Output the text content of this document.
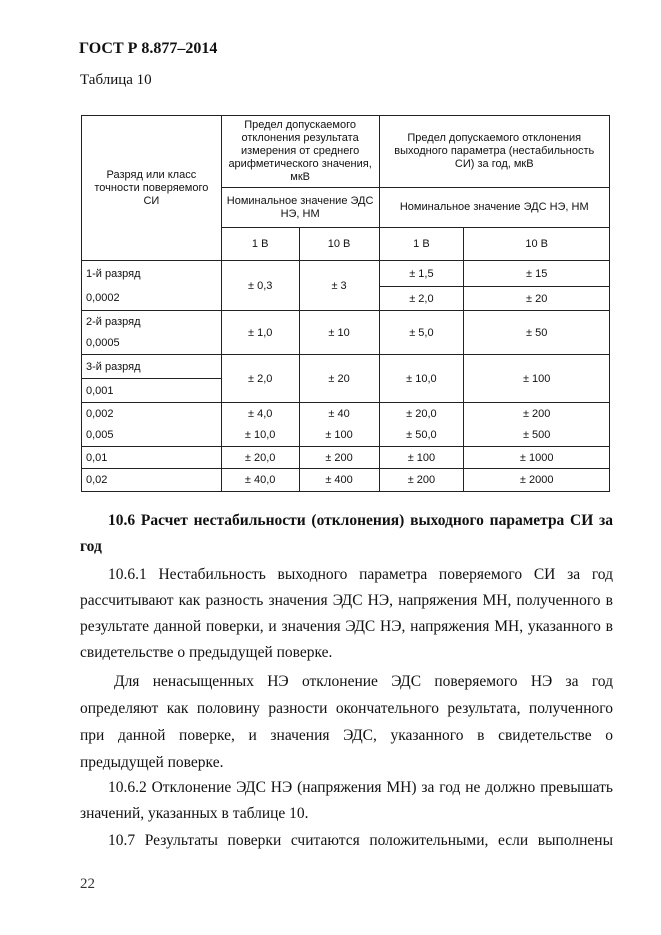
ГОСТ Р 8.877–2014
Таблица 10
Разряд или класс точности поверяемого СИ	Предел допускаемого отклонения результата измерения от среднего арифметического значения, мкВ		Предел допускаемого отклонения выходного параметра (нестабильность СИ) за год, мкВ	
	Номинальное значение ЭДС НЭ, НМ		Номинальное значение ЭДС НЭ, НМ	
	1 В	10 В	1 В	10 В
1-й разряд	± 0,3	± 3	± 1,5	± 15
0,0002			± 2,0	± 20
2-й разряд	± 1,0	± 10	± 5,0	± 50
0,0005				
3-й разряд	± 2,0	± 20	± 10,0	± 100
0,001				
0,002	± 4,0	± 40	± 20,0	± 200
0,005	± 10,0	± 100	± 50,0	± 500
0,01	± 20,0	± 200	± 100	± 1000
0,02	± 40,0	± 400	± 200	± 2000
10.6 Расчет нестабильности (отклонения) выходного параметра СИ за
год
10.6.1 Нестабильность выходного параметра поверяемого СИ за год
рассчитывают как разность значения ЭДС НЭ, напряжения МН, полученного в
результате данной поверки, и значения ЭДС НЭ, напряжения МН, указанного в
свидетельстве о предыдущей поверке.
Для ненасыщенных НЭ отклонение ЭДС поверяемого НЭ за год
определяют как половину разности окончательного результата, полученного
при данной поверке, и значения ЭДС, указанного в свидетельстве о
предыдущей поверке.
10.6.2 Отклонение ЭДС НЭ (напряжения МН) за год не должно превышать
значений, указанных в таблице 10.
10.7 Результаты поверки считаются положительными, если выполнены
22
